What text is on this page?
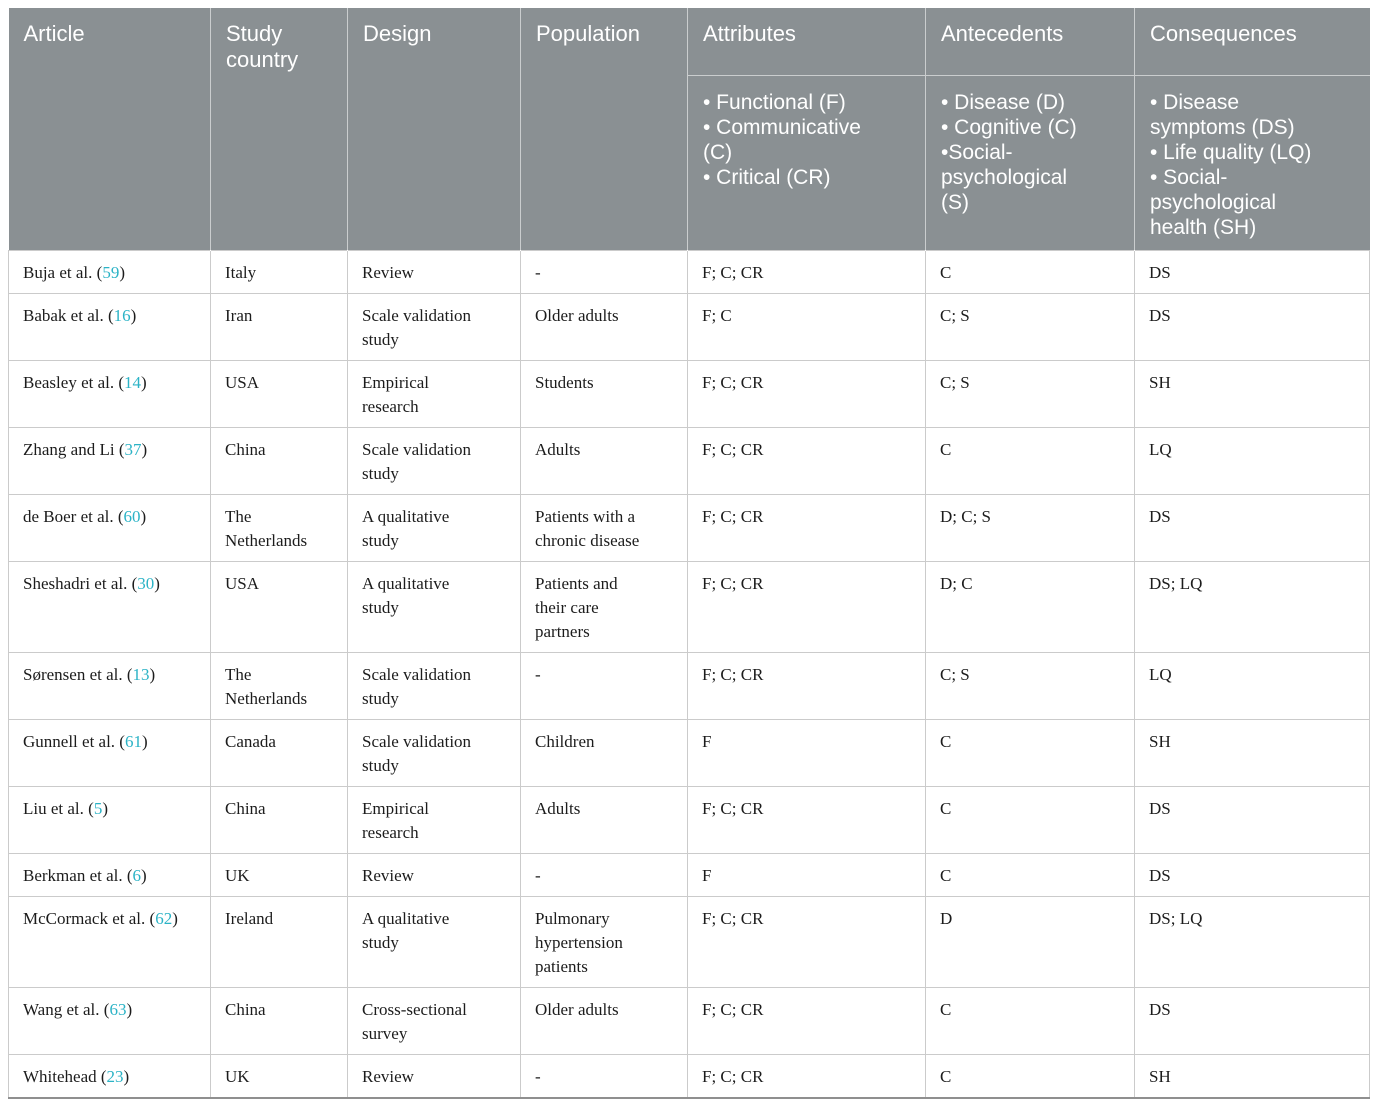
Article	Study country	Design	Population	Attributes	Antecedents	Consequences

• Functional (F)
• Communicative (C)
• Critical (CR)

• Disease (D)
• Cognitive (C)
•Social-psychological (S)

• Disease symptoms (DS)
• Life quality (LQ)
• Social-psychological health (SH)

Buja et al. (59)	Italy	Review	-	F; C; CR	C	DS
Babak et al. (16)	Iran	Scale validation study	Older adults	F; C	C; S	DS
Beasley et al. (14)	USA	Empirical research	Students	F; C; CR	C; S	SH
Zhang and Li (37)	China	Scale validation study	Adults	F; C; CR	C	LQ
de Boer et al. (60)	The Netherlands	A qualitative study	Patients with a chronic disease	F; C; CR	D; C; S	DS
Sheshadri et al. (30)	USA	A qualitative study	Patients and their care partners	F; C; CR	D; C	DS; LQ
Sørensen et al. (13)	The Netherlands	Scale validation study	-	F; C; CR	C; S	LQ
Gunnell et al. (61)	Canada	Scale validation study	Children	F	C	SH
Liu et al. (5)	China	Empirical research	Adults	F; C; CR	C	DS
Berkman et al. (6)	UK	Review	-	F	C	DS
McCormack et al. (62)	Ireland	A qualitative study	Pulmonary hypertension patients	F; C; CR	D	DS; LQ
Wang et al. (63)	China	Cross-sectional survey	Older adults	F; C; CR	C	DS
Whitehead (23)	UK	Review	-	F; C; CR	C	SH
